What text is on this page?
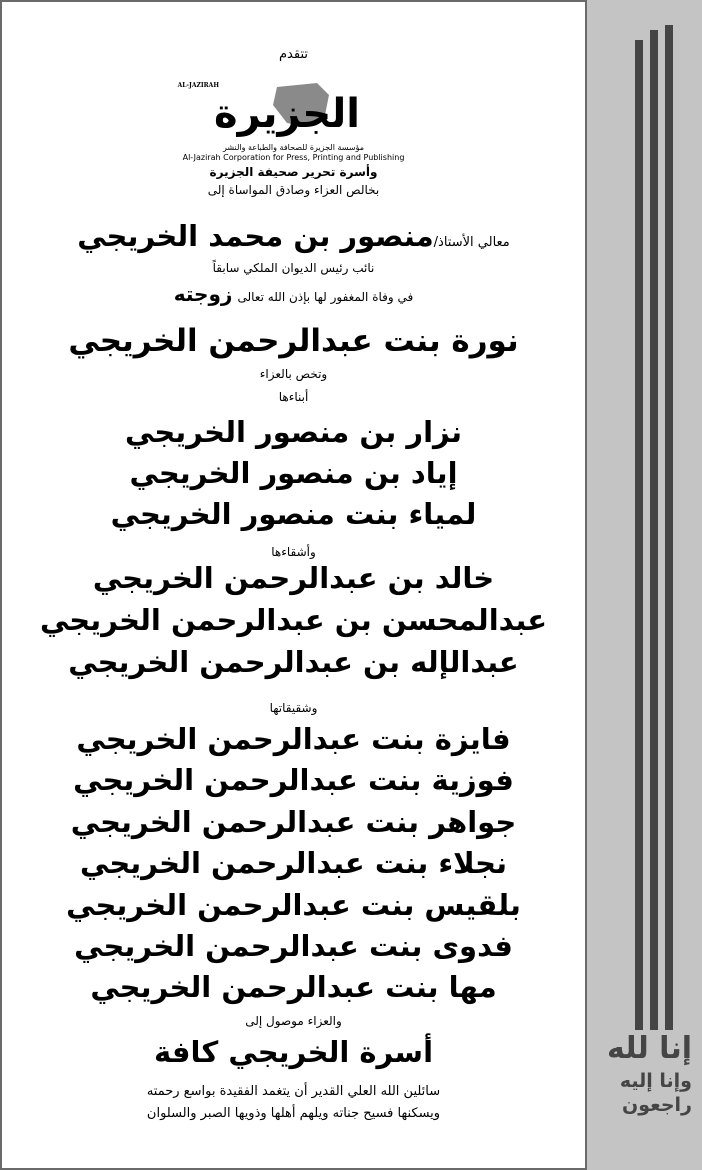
تتقدم
الجزيرة
AL-JAZIRAH
مؤسسة الجزيرة للصحافة والطباعة والنشر
Al-Jazirah Corporation for Press, Printing and Publishing
وأسرة تحرير صحيفة الجزيرة
بخالص العزاء وصادق المواساة إلى
معالي الأستاذ/منصور بن محمد الخريجي
نائب رئيس الديوان الملكي سابقاً
في وفاة المغفور لها بإذن الله تعالى زوجته
نورة بنت عبدالرحمن الخريجي
وتخص بالعزاء
أبناءها
نزار بن منصور الخريجي
إياد بن منصور الخريجي
لمياء بنت منصور الخريجي
وأشقاءها
خالد بن عبدالرحمن الخريجي
عبدالمحسن بن عبدالرحمن الخريجي
عبدالإله بن عبدالرحمن الخريجي
وشقيقاتها
فايزة بنت عبدالرحمن الخريجي
فوزية بنت عبدالرحمن الخريجي
جواهر بنت عبدالرحمن الخريجي
نجلاء بنت عبدالرحمن الخريجي
بلقيس بنت عبدالرحمن الخريجي
فدوى بنت عبدالرحمن الخريجي
مها بنت عبدالرحمن الخريجي
والعزاء موصول إلى
أسرة الخريجي كافة
سائلين الله العلي القدير أن يتغمد الفقيدة بواسع رحمته
ويسكنها فسيح جناته ويلهم أهلها وذويها الصبر والسلوان
إنا لله
وإنا إليه
راجعون
